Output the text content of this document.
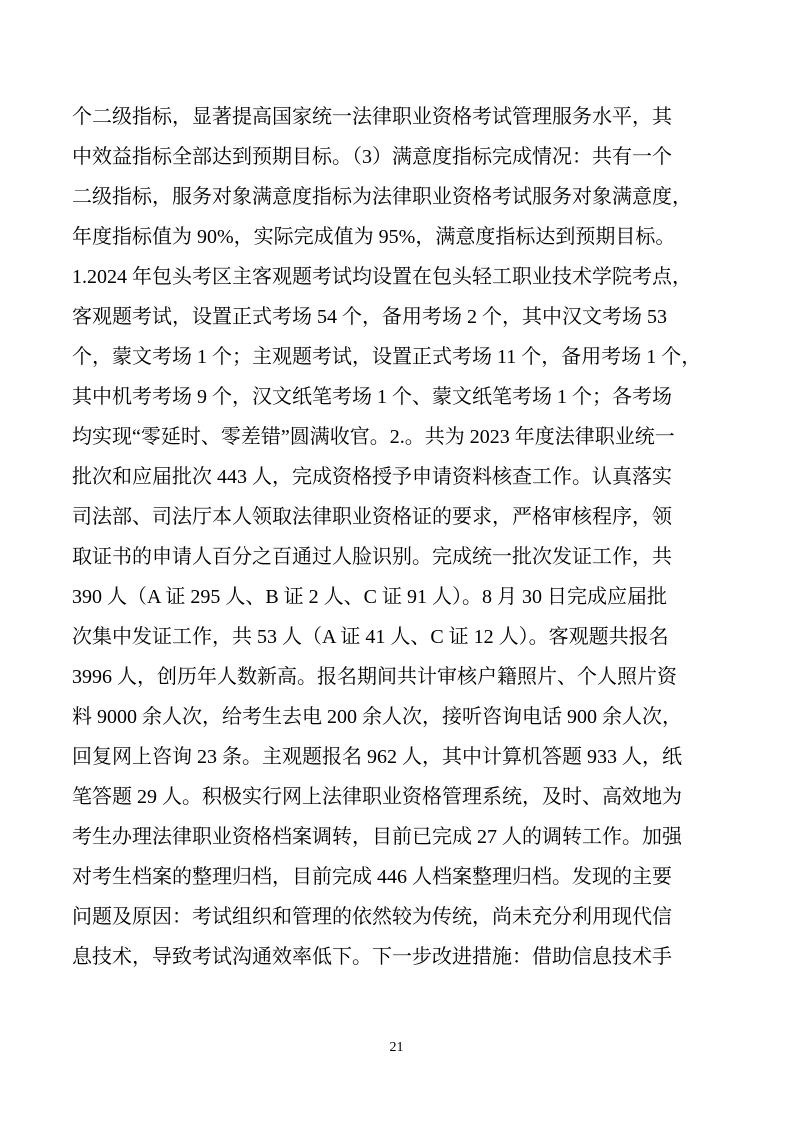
个二级指标，显著提高国家统一法律职业资格考试管理服务水平，其
中效益指标全部达到预期目标。（3）满意度指标完成情况：共有一个
二级指标，服务对象满意度指标为法律职业资格考试服务对象满意度，
年度指标值为 90%，实际完成值为 95%，满意度指标达到预期目标。
1.2024 年包头考区主客观题考试均设置在包头轻工职业技术学院考点，
客观题考试，设置正式考场 54 个，备用考场 2 个，其中汉文考场 53
个，蒙文考场 1 个；主观题考试，设置正式考场 11 个，备用考场 1 个，
其中机考考场 9 个，汉文纸笔考场 1 个、蒙文纸笔考场 1 个；各考场
均实现“零延时、零差错”圆满收官。2.。共为 2023 年度法律职业统一
批次和应届批次 443 人，完成资格授予申请资料核查工作。认真落实
司法部、司法厅本人领取法律职业资格证的要求，严格审核程序，领
取证书的申请人百分之百通过人脸识别。完成统一批次发证工作，共
390 人（A 证 295 人、B 证 2 人、C 证 91 人）。8 月 30 日完成应届批
次集中发证工作，共 53 人（A 证 41 人、C 证 12 人）。客观题共报名
3996 人，创历年人数新高。报名期间共计审核户籍照片、个人照片资
料 9000 余人次，给考生去电 200 余人次，接听咨询电话 900 余人次，
回复网上咨询 23 条。主观题报名 962 人，其中计算机答题 933 人，纸
笔答题 29 人。积极实行网上法律职业资格管理系统，及时、高效地为
考生办理法律职业资格档案调转，目前已完成 27 人的调转工作。加强
对考生档案的整理归档，目前完成 446 人档案整理归档。发现的主要
问题及原因：考试组织和管理的依然较为传统，尚未充分利用现代信
息技术，导致考试沟通效率低下。下一步改进措施：借助信息技术手
21
